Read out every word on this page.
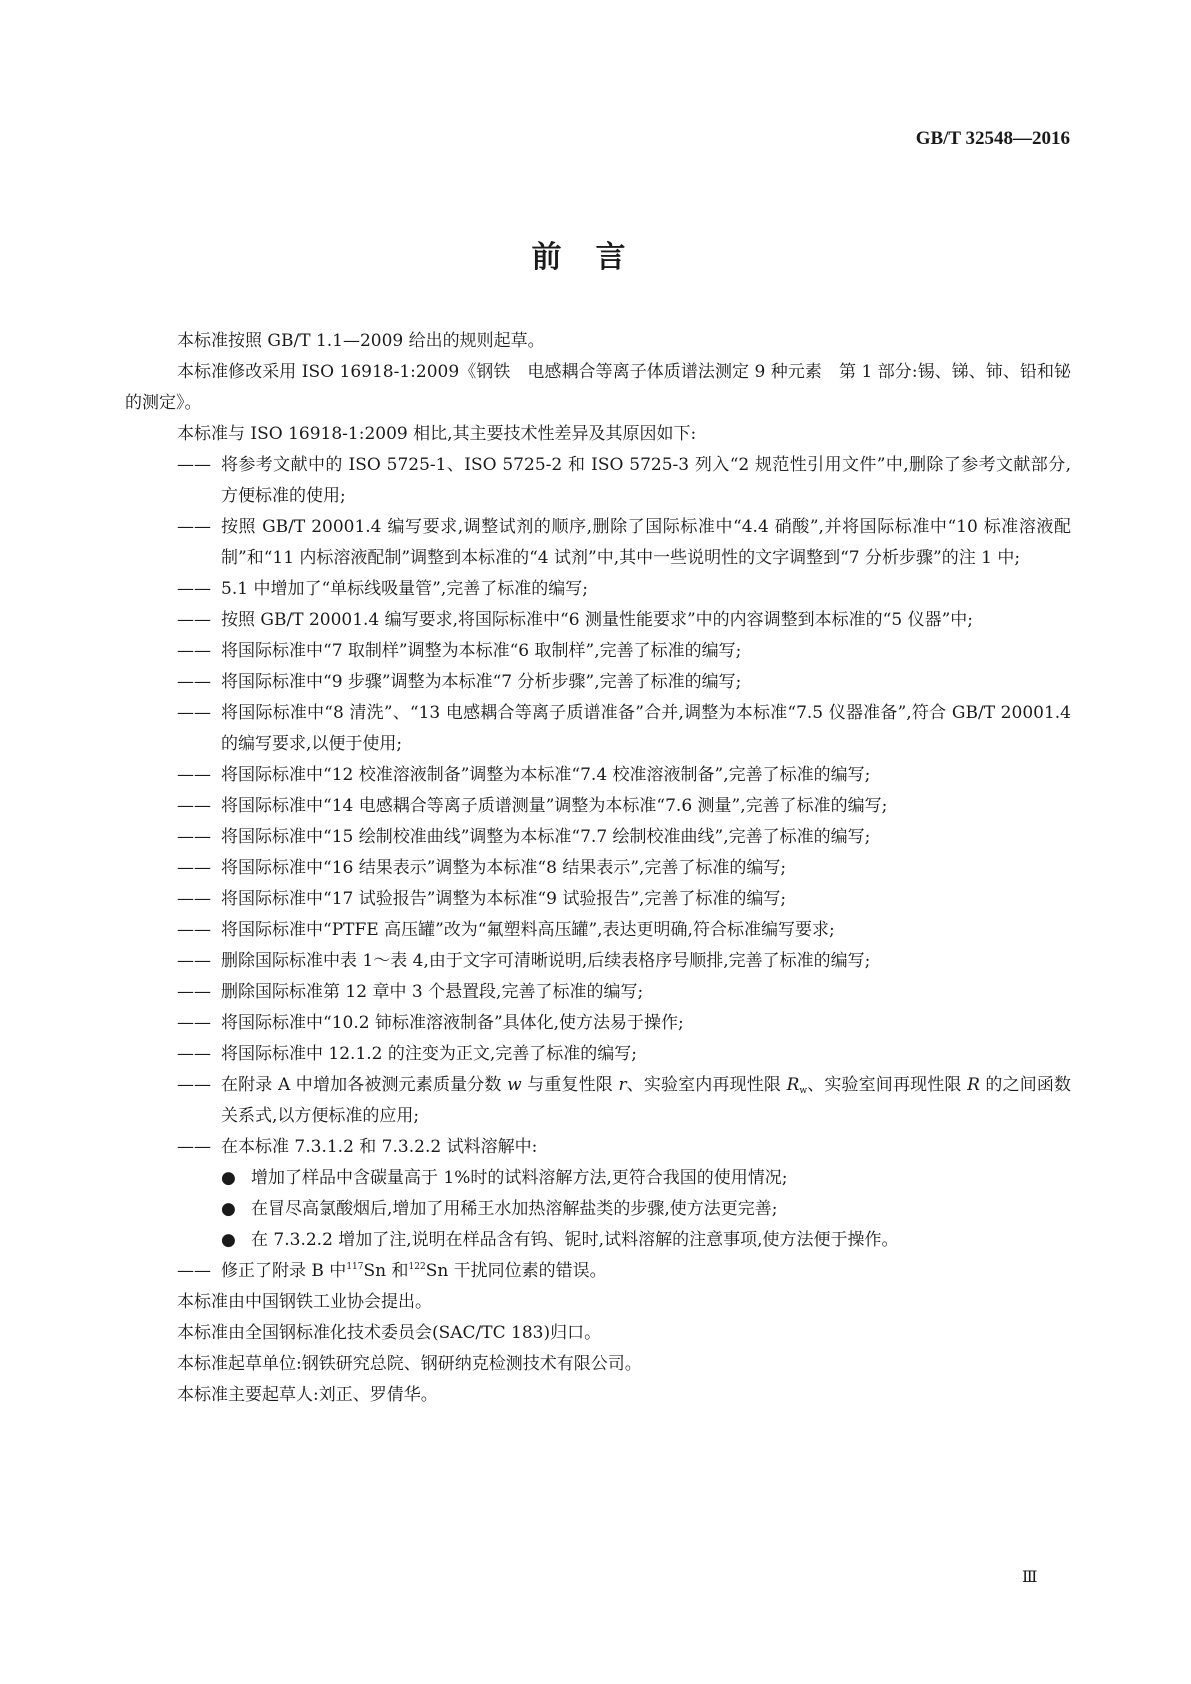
GB/T 32548—2016
前言

本标准按照 GB/T 1.1—2009 给出的规则起草。

本标准修改采用 ISO 16918-1:2009《钢铁　电感耦合等离子体质谱法测定 9 种元素　第 1 部分:锡、锑、铈、铅和铋的测定》。

本标准与 ISO 16918-1:2009 相比,其主要技术性差异及其原因如下:

—— 将参考文献中的 ISO 5725-1、ISO 5725-2 和 ISO 5725-3 列入“2 规范性引用文件”中,删除了参考文献部分,方便标准的使用;
—— 按照 GB/T 20001.4 编写要求,调整试剂的顺序,删除了国际标准中“4.4 硝酸”,并将国际标准中“10 标准溶液配制”和“11 内标溶液配制”调整到本标准的“4 试剂”中,其中一些说明性的文字调整到“7 分析步骤”的注 1 中;
—— 5.1 中增加了“单标线吸量管”,完善了标准的编写;
—— 按照 GB/T 20001.4 编写要求,将国际标准中“6 测量性能要求”中的内容调整到本标准的“5 仪器”中;
—— 将国际标准中“7 取制样”调整为本标准“6 取制样”,完善了标准的编写;
—— 将国际标准中“9 步骤”调整为本标准“7 分析步骤”,完善了标准的编写;
—— 将国际标准中“8 清洗”、“13 电感耦合等离子质谱准备”合并,调整为本标准“7.5 仪器准备”,符合 GB/T 20001.4 的编写要求,以便于使用;
—— 将国际标准中“12 校准溶液制备”调整为本标准“7.4 校准溶液制备”,完善了标准的编写;
—— 将国际标准中“14 电感耦合等离子质谱测量”调整为本标准“7.6 测量”,完善了标准的编写;
—— 将国际标准中“15 绘制校准曲线”调整为本标准“7.7 绘制校准曲线”,完善了标准的编写;
—— 将国际标准中“16 结果表示”调整为本标准“8 结果表示”,完善了标准的编写;
—— 将国际标准中“17 试验报告”调整为本标准“9 试验报告”,完善了标准的编写;
—— 将国际标准中“PTFE 高压罐”改为“氟塑料高压罐”,表达更明确,符合标准编写要求;
—— 删除国际标准中表 1～表 4,由于文字可清晰说明,后续表格序号顺排,完善了标准的编写;
—— 删除国际标准第 12 章中 3 个悬置段,完善了标准的编写;
—— 将国际标准中“10.2 铈标准溶液制备”具体化,使方法易于操作;
—— 将国际标准中 12.1.2 的注变为正文,完善了标准的编写;
—— 在附录 A 中增加各被测元素质量分数 w 与重复性限 r、实验室内再现性限 $R_w$、实验室间再现性限 R 的之间函数关系式,以方便标准的应用;
—— 在本标准 7.3.1.2 和 7.3.2.2 试料溶解中:
● 增加了样品中含碳量高于 1%时的试料溶解方法,更符合我国的使用情况;
● 在冒尽高氯酸烟后,增加了用稀王水加热溶解盐类的步骤,使方法更完善;
● 在 7.3.2.2 增加了注,说明在样品含有钨、铌时,试料溶解的注意事项,使方法便于操作。
—— 修正了附录 B 中$^{117}$Sn 和$^{122}$Sn 干扰同位素的错误。

本标准由中国钢铁工业协会提出。

本标准由全国钢标准化技术委员会(SAC/TC 183)归口。

本标准起草单位:钢铁研究总院、钢研纳克检测技术有限公司。

本标准主要起草人:刘正、罗倩华。

Ⅲ
